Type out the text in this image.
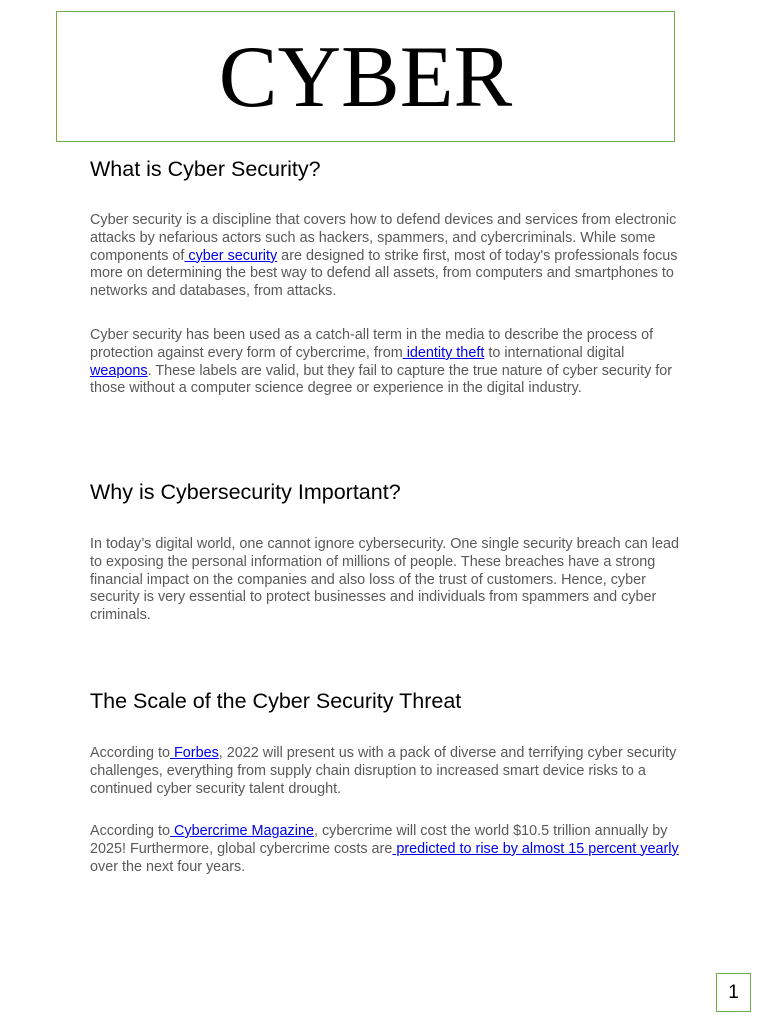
CYBER
What is Cyber Security?

Cyber security is a discipline that covers how to defend devices and services from electronic attacks by nefarious actors such as hackers, spammers, and cybercriminals. While some components of cyber security are designed to strike first, most of today's professionals focus more on determining the best way to defend all assets, from computers and smartphones to networks and databases, from attacks.

Cyber security has been used as a catch-all term in the media to describe the process of protection against every form of cybercrime, from identity theft to international digital weapons. These labels are valid, but they fail to capture the true nature of cyber security for those without a computer science degree or experience in the digital industry.

Why is Cybersecurity Important?

In today’s digital world, one cannot ignore cybersecurity. One single security breach can lead to exposing the personal information of millions of people. These breaches have a strong financial impact on the companies and also loss of the trust of customers. Hence, cyber security is very essential to protect businesses and individuals from spammers and cyber criminals.

The Scale of the Cyber Security Threat

According to Forbes, 2022 will present us with a pack of diverse and terrifying cyber security challenges, everything from supply chain disruption to increased smart device risks to a continued cyber security talent drought.

According to Cybercrime Magazine, cybercrime will cost the world $10.5 trillion annually by 2025! Furthermore, global cybercrime costs are predicted to rise by almost 15 percent yearly over the next four years.

1
